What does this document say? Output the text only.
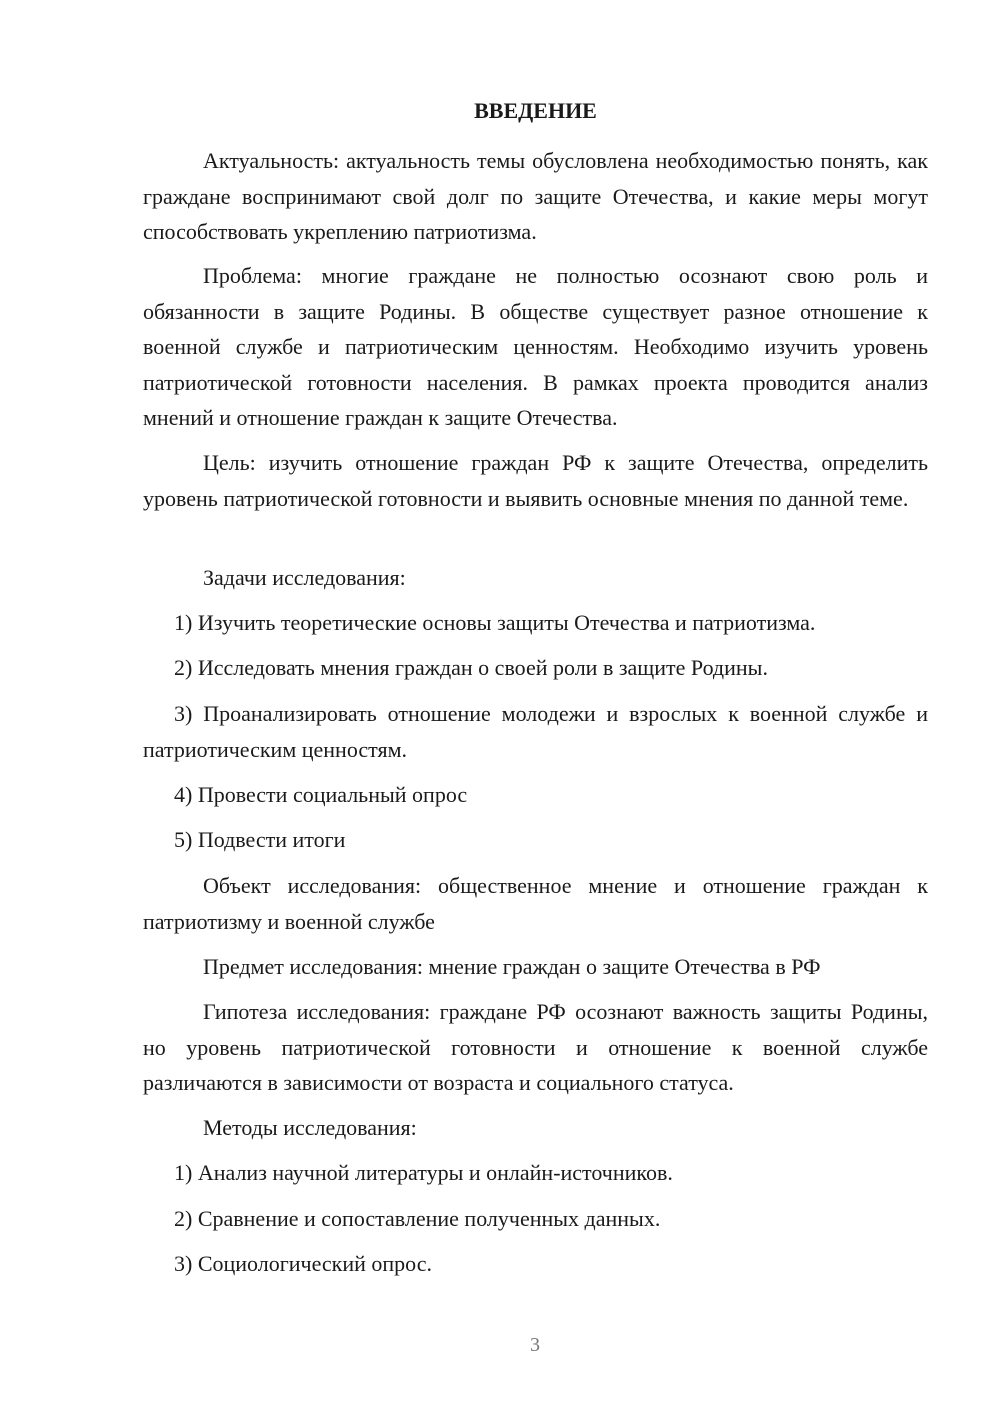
ВВЕДЕНИЕ

Актуальность: актуальность темы обусловлена необходимостью понять, как граждане воспринимают свой долг по защите Отечества, и какие меры могут способствовать укреплению патриотизма.

Проблема: многие граждане не полностью осознают свою роль и обязанности в защите Родины. В обществе существует разное отношение к военной службе и патриотическим ценностям. Необходимо изучить уровень патриотической готовности населения. В рамках проекта проводится анализ мнений и отношение граждан к защите Отечества.

Цель: изучить отношение граждан РФ к защите Отечества, определить уровень патриотической готовности и выявить основные мнения по данной теме.

Задачи исследования:

1) Изучить теоретические основы защиты Отечества и патриотизма.

2) Исследовать мнения граждан о своей роли в защите Родины.

3) Проанализировать отношение молодежи и взрослых к военной службе и патриотическим ценностям.

4) Провести социальный опрос

5) Подвести итоги

Объект исследования: общественное мнение и отношение граждан к патриотизму и военной службе

Предмет исследования: мнение граждан о защите Отечества в РФ

Гипотеза исследования: граждане РФ осознают важность защиты Родины, но уровень патриотической готовности и отношение к военной службе различаются в зависимости от возраста и социального статуса.

Методы исследования:

1) Анализ научной литературы и онлайн-источников.

2) Сравнение и сопоставление полученных данных.

3) Социологический опрос.

3
